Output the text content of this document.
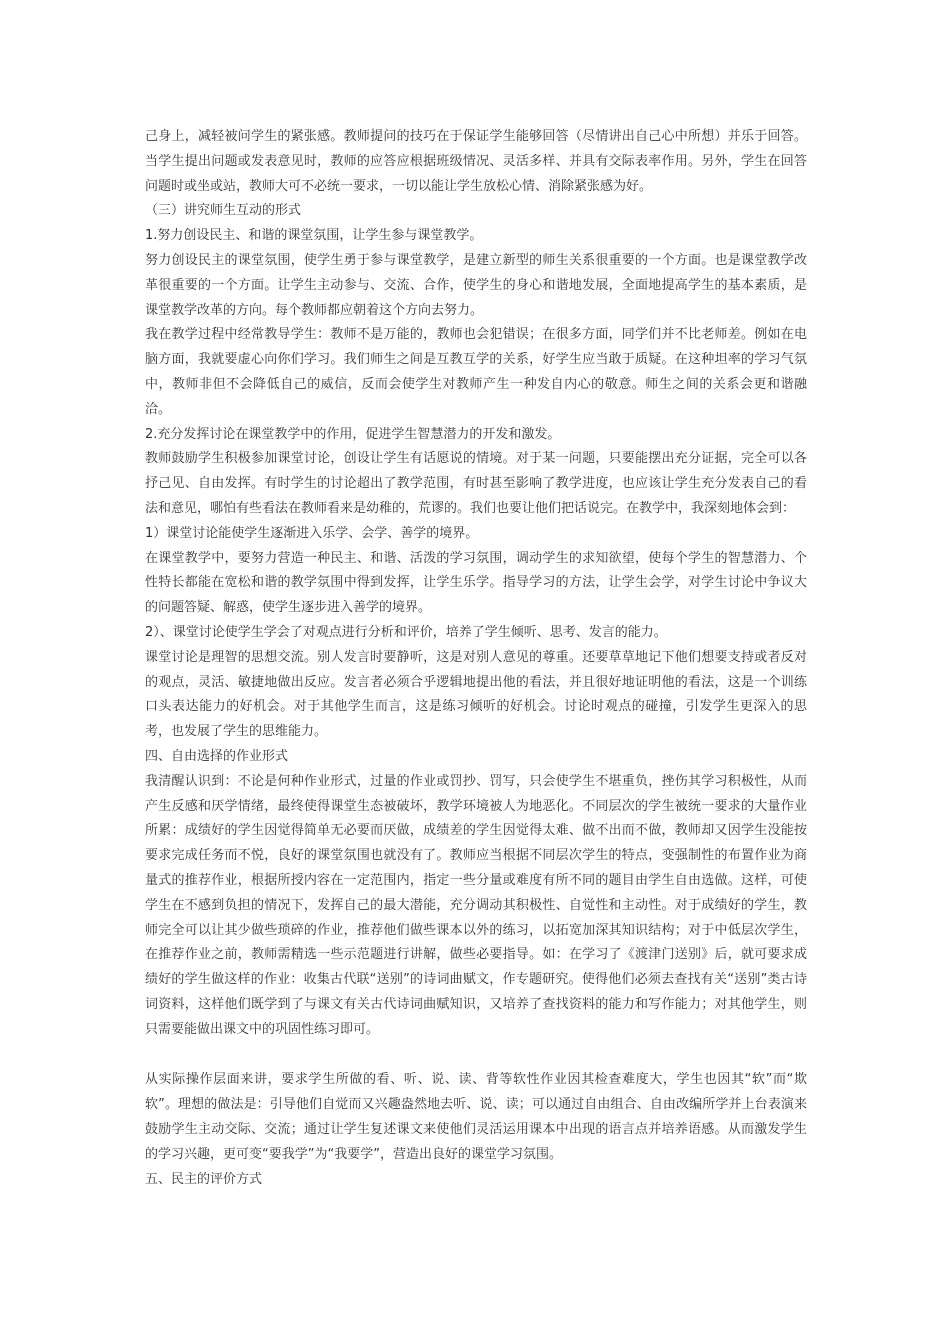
己身上，减轻被问学生的紧张感。教师提问的技巧在于保证学生能够回答（尽情讲出自己心中所想）并乐于回答。当学生提出问题或发表意见时，教师的应答应根据班级情况、灵活多样、并具有交际表率作用。另外，学生在回答问题时或坐或站，教师大可不必统一要求，一切以能让学生放松心情、消除紧张感为好。

（三）讲究师生互动的形式

1.努力创设民主、和谐的课堂氛围，让学生参与课堂教学。

努力创设民主的课堂氛围，使学生勇于参与课堂教学，是建立新型的师生关系很重要的一个方面。也是课堂教学改革很重要的一个方面。让学生主动参与、交流、合作，使学生的身心和谐地发展，全面地提高学生的基本素质，是课堂教学改革的方向。每个教师都应朝着这个方向去努力。

我在教学过程中经常教导学生：教师不是万能的，教师也会犯错误；在很多方面，同学们并不比老师差。例如在电脑方面，我就要虚心向你们学习。我们师生之间是互教互学的关系，好学生应当敢于质疑。在这种坦率的学习气氛中，教师非但不会降低自己的威信，反而会使学生对教师产生一种发自内心的敬意。师生之间的关系会更和谐融洽。

2.充分发挥讨论在课堂教学中的作用，促进学生智慧潜力的开发和激发。

教师鼓励学生积极参加课堂讨论，创设让学生有话愿说的情境。对于某一问题，只要能摆出充分证据，完全可以各抒己见、自由发挥。有时学生的讨论超出了教学范围，有时甚至影响了教学进度，也应该让学生充分发表自己的看法和意见，哪怕有些看法在教师看来是幼稚的，荒谬的。我们也要让他们把话说完。在教学中，我深刻地体会到：

1）课堂讨论能使学生逐渐进入乐学、会学、善学的境界。

在课堂教学中，要努力营造一种民主、和谐、活泼的学习氛围，调动学生的求知欲望，使每个学生的智慧潜力、个性特长都能在宽松和谐的教学氛围中得到发挥，让学生乐学。指导学习的方法，让学生会学，对学生讨论中争议大的问题答疑、解惑，使学生逐步进入善学的境界。

2）、课堂讨论使学生学会了对观点进行分析和评价，培养了学生倾听、思考、发言的能力。

课堂讨论是理智的思想交流。别人发言时要静听，这是对别人意见的尊重。还要草草地记下他们想要支持或者反对的观点，灵活、敏捷地做出反应。发言者必须合乎逻辑地提出他的看法，并且很好地证明他的看法，这是一个训练口头表达能力的好机会。对于其他学生而言，这是练习倾听的好机会。讨论时观点的碰撞，引发学生更深入的思考，也发展了学生的思维能力。

四、自由选择的作业形式

我清醒认识到：不论是何种作业形式，过量的作业或罚抄、罚写，只会使学生不堪重负，挫伤其学习积极性，从而产生反感和厌学情绪，最终使得课堂生态被破坏，教学环境被人为地恶化。不同层次的学生被统一要求的大量作业所累：成绩好的学生因觉得简单无必要而厌做，成绩差的学生因觉得太难、做不出而不做，教师却又因学生没能按要求完成任务而不悦，良好的课堂氛围也就没有了。教师应当根据不同层次学生的特点，变强制性的布置作业为商量式的推荐作业，根据所授内容在一定范围内，指定一些分量或难度有所不同的题目由学生自由选做。这样，可使学生在不感到负担的情况下，发挥自己的最大潜能，充分调动其积极性、自觉性和主动性。对于成绩好的学生，教师完全可以让其少做些琐碎的作业，推荐他们做些课本以外的练习，以拓宽加深其知识结构；对于中低层次学生，在推荐作业之前，教师需精选一些示范题进行讲解，做些必要指导。如：在学习了《渡津门送别》后，就可要求成绩好的学生做这样的作业：收集古代联“送别”的诗词曲赋文，作专题研究。使得他们必须去查找有关“送别”类古诗词资料，这样他们既学到了与课文有关古代诗词曲赋知识，又培养了查找资料的能力和写作能力；对其他学生，则只需要能做出课文中的巩固性练习即可。

从实际操作层面来讲，要求学生所做的看、听、说、读、背等软性作业因其检查难度大，学生也因其“软”而“欺软”。理想的做法是：引导他们自觉而又兴趣盎然地去听、说、读；可以通过自由组合、自由改编所学并上台表演来鼓励学生主动交际、交流；通过让学生复述课文来使他们灵活运用课本中出现的语言点并培养语感。从而激发学生的学习兴趣，更可变“要我学”为“我要学”，营造出良好的课堂学习氛围。

五、民主的评价方式
